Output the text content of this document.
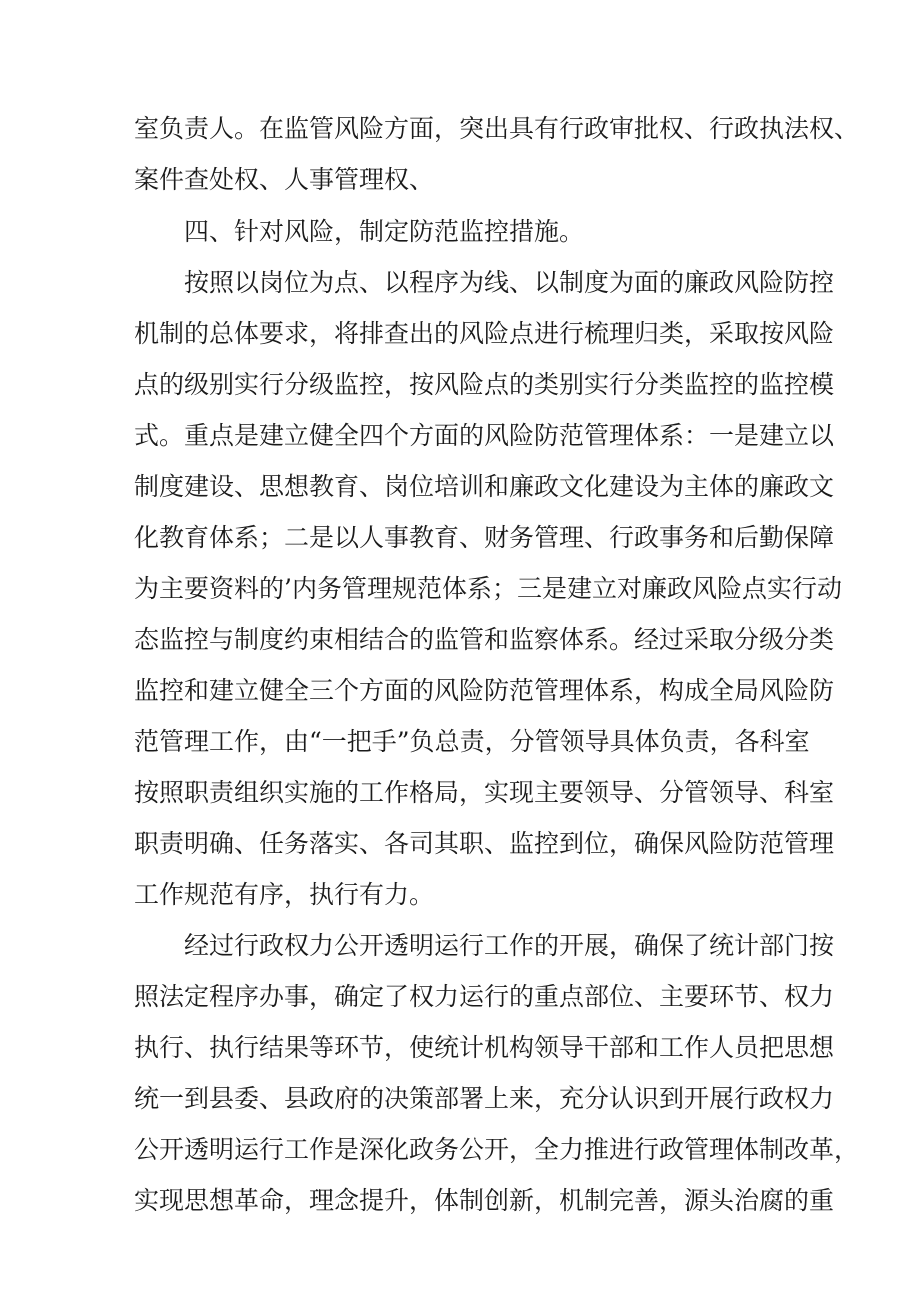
室负责人。在监管风险方面，突出具有行政审批权、行政执法权、
案件查处权、人事管理权、
四、针对风险，制定防范监控措施。
按照以岗位为点、以程序为线、以制度为面的廉政风险防控
机制的总体要求，将排查出的风险点进行梳理归类，采取按风险
点的级别实行分级监控，按风险点的类别实行分类监控的监控模
式。重点是建立健全四个方面的风险防范管理体系：一是建立以
制度建设、思想教育、岗位培训和廉政文化建设为主体的廉政文
化教育体系；二是以人事教育、财务管理、行政事务和后勤保障
为主要资料的’内务管理规范体系；三是建立对廉政风险点实行动
态监控与制度约束相结合的监管和监察体系。经过采取分级分类
监控和建立健全三个方面的风险防范管理体系，构成全局风险防
范管理工作，由“一把手”负总责，分管领导具体负责，各科室
按照职责组织实施的工作格局，实现主要领导、分管领导、科室
职责明确、任务落实、各司其职、监控到位，确保风险防范管理
工作规范有序，执行有力。
经过行政权力公开透明运行工作的开展，确保了统计部门按
照法定程序办事，确定了权力运行的重点部位、主要环节、权力
执行、执行结果等环节，使统计机构领导干部和工作人员把思想
统一到县委、县政府的决策部署上来，充分认识到开展行政权力
公开透明运行工作是深化政务公开，全力推进行政管理体制改革，
实现思想革命，理念提升，体制创新，机制完善，源头治腐的重
